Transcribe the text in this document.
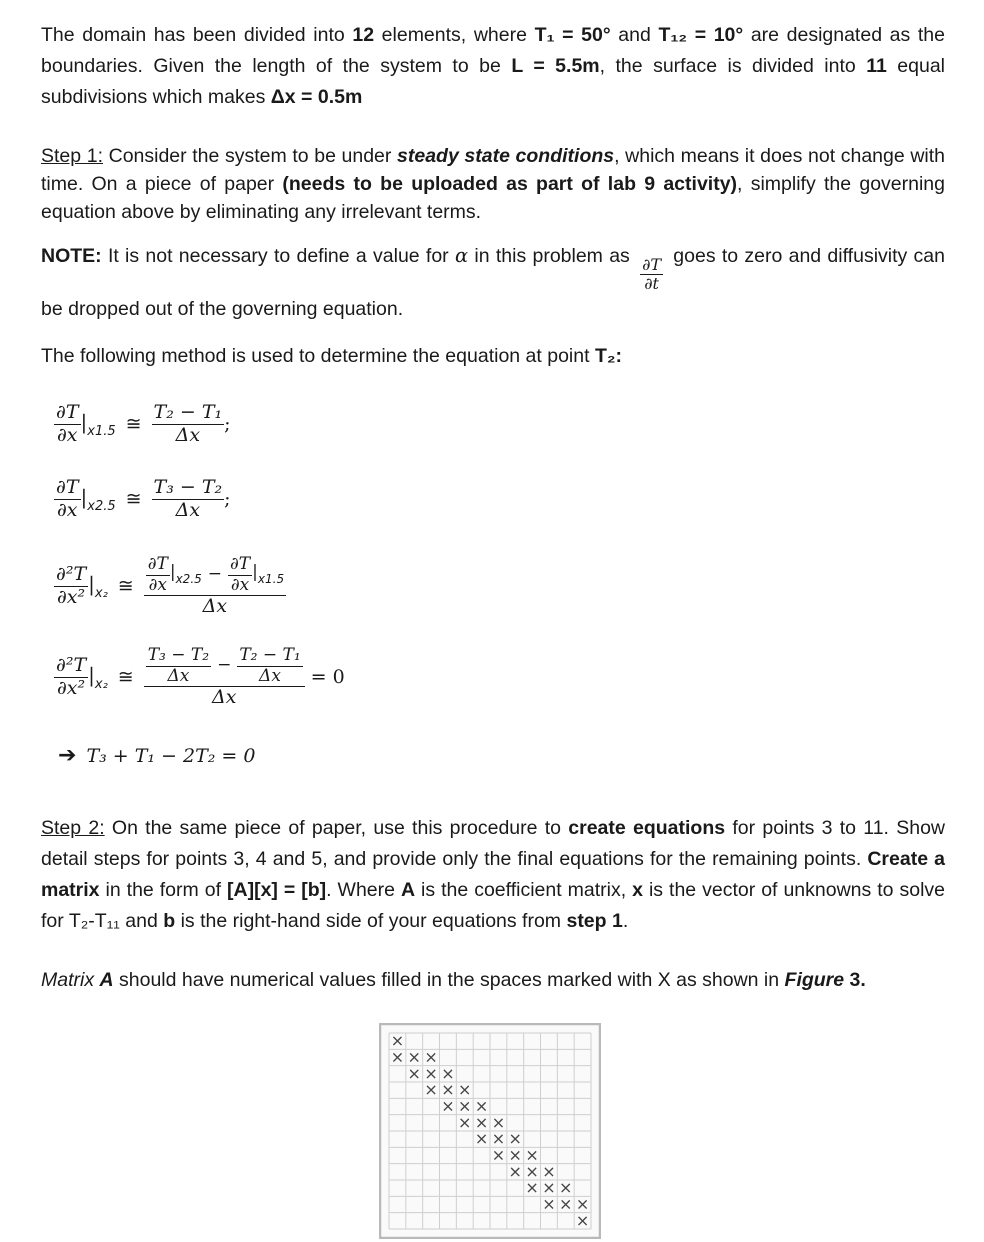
The domain has been divided into 12 elements, where T₁ = 50° and T₁₂ = 10° are designated as the boundaries. Given the length of the system to be L = 5.5m, the surface is divided into 11 equal subdivisions which makes Δx = 0.5m
Step 1: Consider the system to be under steady state conditions, which means it does not change with time. On a piece of paper (needs to be uploaded as part of lab 9 activity), simplify the governing equation above by eliminating any irrelevant terms.
NOTE: It is not necessary to define a value for α in this problem as $\frac{\partial T}{\partial t}$ goes to zero and diffusivity can be dropped out of the governing equation.
The following method is used to determine the equation at point T₂:
$\frac{\partial T}{\partial x} |_{x1.5}$ ≅ $\frac{\text{T₂ − T₁}}{\Delta x}$ ;
$\frac{\partial T}{\partial x} |_{x2.5}$ ≅ $\frac{\text{T₃ − T₂}}{\Delta x}$ ;
$\frac{\text{∂²T}}{\text{∂x²}} |_{x_2}$ ≅ $\frac{\frac{\partial T}{\partial x} |_{x2.5} - \frac{\partial T}{\partial x} |_{x1.5}}{\Delta x}$
$\frac{\text{∂²T}}{\text{∂x²}} |_{x_2}$ ≅ $\frac{\frac{\text{T₃ − T₂}}{\Delta x} - \frac{\text{T₂ − T₁}}{\Delta x}}{\Delta x} = 0$
➔ T₃ + T₁ − 2T₂ = 0
Step 2: On the same piece of paper, use this procedure to create equations for points 3 to 11. Show detail steps for points 3, 4 and 5, and provide only the final equations for the remaining points. Create a matrix in the form of [A][x] = [b]. Where A is the coefficient matrix, x is the vector of unknowns to solve for T₂-T₁₁ and b is the right-hand side of your equations from step 1.
Matrix A should have numerical values filled in the spaces marked with X as shown in Figure 3.
×
× × ×
× × ×
× × ×
× × ×
× × ×
× × ×
× × ×
× × ×
× × ×
× × ×
×
